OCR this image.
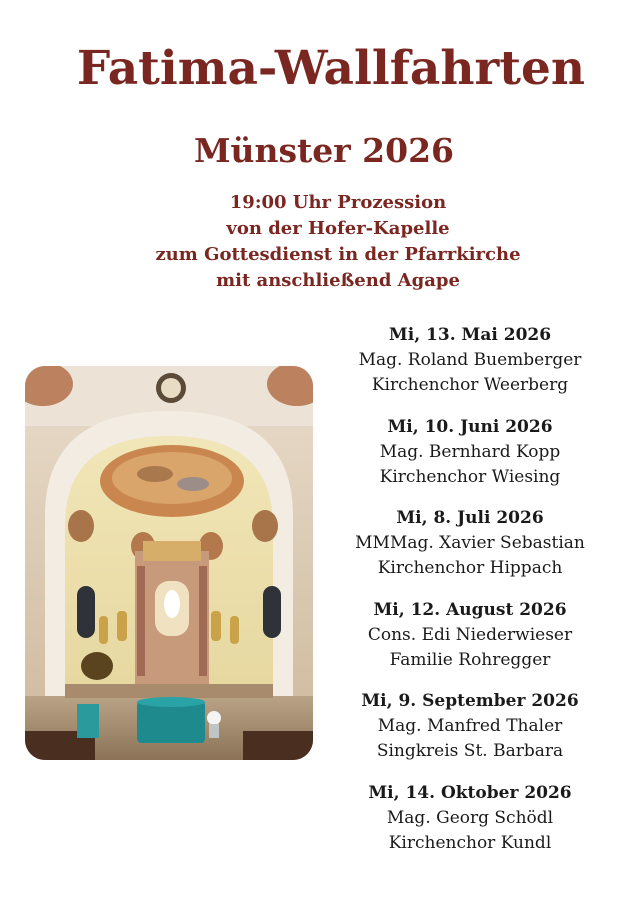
Fatima-Wallfahrten
Münster 2026
19:00 Uhr Prozession
von der Hofer-Kapelle
zum Gottesdienst in der Pfarrkirche
mit anschließend Agape
Mi, 13. Mai 2026
Mag. Roland Buemberger
Kirchenchor Weerberg
Mi, 10. Juni 2026
Mag. Bernhard Kopp
Kirchenchor Wiesing
Mi, 8. Juli 2026
MMMag. Xavier Sebastian
Kirchenchor Hippach
Mi, 12. August 2026
Cons. Edi Niederwieser
Familie Rohregger
Mi, 9. September 2026
Mag. Manfred Thaler
Singkreis St. Barbara
Mi, 14. Oktober 2026
Mag. Georg Schödl
Kirchenchor Kundl
